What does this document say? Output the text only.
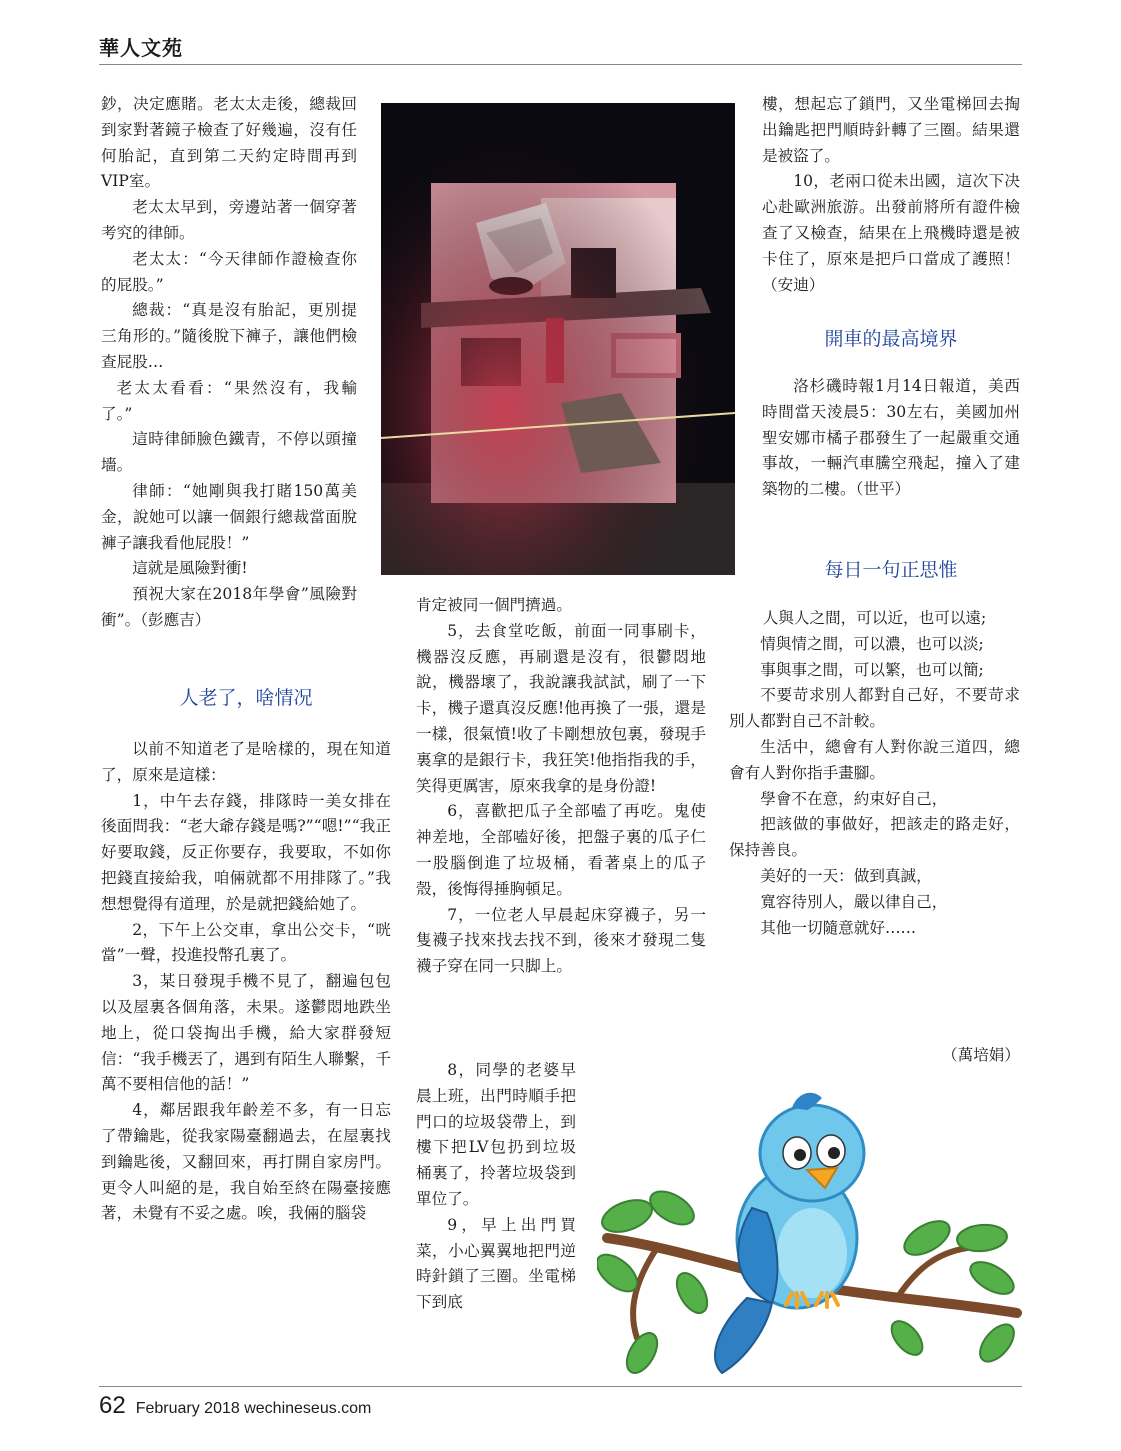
華人文苑

鈔，决定應賭。老太太走後，總裁回到家對著鏡子檢查了好幾遍，沒有任何胎記，直到第二天約定時間再到VIP室。

老太太早到，旁邊站著一個穿著考究的律師。

老太太：“今天律師作證檢查你的屁股。”

總裁：“真是沒有胎記，更別提三角形的。”隨後脫下褲子，讓他們檢查屁股…

老太太看看：“果然沒有，我輸了。”

這時律師臉色鐵青，不停以頭撞墻。

律師：“她剛與我打賭150萬美金，說她可以讓一個銀行總裁當面脫褲子讓我看他屁股！”

這就是風險對衝!

預祝大家在2018年學會”風險對衝”。（彭應吉）

人老了，啥情况

以前不知道老了是啥樣的，現在知道了，原來是這樣：

1，中午去存錢，排隊時一美女排在後面問我：“老大爺存錢是嗎?”“嗯!”“我正好要取錢，反正你要存，我要取，不如你把錢直接給我，咱倆就都不用排隊了。”我想想覺得有道理，於是就把錢給她了。

2，下午上公交車，拿出公交卡，“咣當”一聲，投進投幣孔裏了。

3，某日發現手機不見了，翻遍包包以及屋裏各個角落，未果。遂鬱悶地跌坐地上，從口袋掏出手機，給大家群發短信：“我手機丟了，遇到有陌生人聯繫，千萬不要相信他的話！”

4，鄰居跟我年齡差不多，有一日忘了帶鑰匙，從我家陽臺翻過去，在屋裏找到鑰匙後，又翻回來，再打開自家房門。更令人叫絕的是，我自始至終在陽臺接應著，未覺有不妥之處。唉，我倆的腦袋

肯定被同一個門擠過。

5，去食堂吃飯，前面一同事刷卡，機器沒反應，再刷還是沒有，很鬱悶地說，機器壞了，我說讓我試試，刷了一下卡，機子還真沒反應!他再換了一張，還是一樣，很氣憤!收了卡剛想放包裏，發現手裏拿的是銀行卡，我狂笑!他指指我的手，笑得更厲害，原來我拿的是身份證!

6，喜歡把瓜子全部嗑了再吃。鬼使神差地，全部嗑好後，把盤子裏的瓜子仁一股腦倒進了垃圾桶，看著桌上的瓜子殼，後悔得捶胸頓足。

7，一位老人早晨起床穿襪子，另一隻襪子找來找去找不到，後來才發現二隻襪子穿在同一只脚上。

8，同學的老婆早晨上班，出門時順手把門口的垃圾袋帶上，到樓下把LV包扔到垃圾桶裏了，拎著垃圾袋到單位了。

9，早上出門買菜，小心翼翼地把門逆時針鎖了三圈。坐電梯下到底

樓，想起忘了鎖門，又坐電梯回去掏出鑰匙把門順時針轉了三圈。結果還是被盜了。

10，老兩口從未出國，這次下决心赴歐洲旅游。出發前將所有證件檢查了又檢查，結果在上飛機時還是被卡住了，原來是把戶口當成了護照！（安迪）

開車的最高境界

洛杉磯時報1月14日報道，美西時間當天淩晨5：30左右，美國加州聖安娜市橘子郡發生了一起嚴重交通事故，一輛汽車騰空飛起，撞入了建築物的二樓。（世平）

每日一句正思惟

人與人之間，可以近，也可以遠;

情與情之間，可以濃，也可以淡;

事與事之間，可以繁，也可以簡;

不要苛求別人都對自己好，不要苛求別人都對自己不計較。

生活中，總會有人對你說三道四，總會有人對你指手畫腳。

學會不在意，約束好自己，

把該做的事做好，把該走的路走好，保持善良。

美好的一天：做到真誠，

寬容待別人，嚴以律自己，

其他一切隨意就好……

（萬培娟）

62 February 2018 wechineseus.com
